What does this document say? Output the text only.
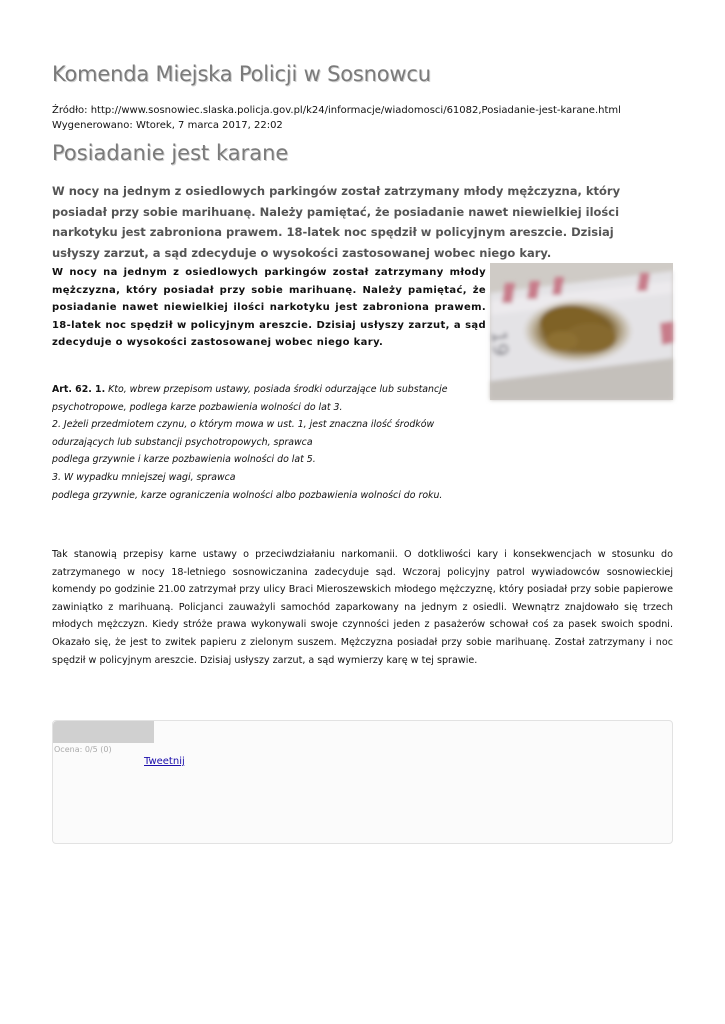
Komenda Miejska Policji w Sosnowcu
Źródło: http://www.sosnowiec.slaska.policja.gov.pl/k24/informacje/wiadomosci/61082,Posiadanie-jest-karane.html
Wygenerowano: Wtorek, 7 marca 2017, 22:02
Posiadanie jest karane
W nocy na jednym z osiedlowych parkingów został zatrzymany młody mężczyzna, który posiadał przy sobie marihuanę. Należy pamiętać, że posiadanie nawet niewielkiej ilości narkotyku jest zabroniona prawem. 18-latek noc spędził w policyjnym areszcie. Dzisiaj usłyszy zarzut, a sąd zdecyduje o wysokości zastosowanej wobec niego kary.
W nocy na jednym z osiedlowych parkingów został zatrzymany młody mężczyzna, który posiadał przy sobie marihuanę. Należy pamiętać, że posiadanie nawet niewielkiej ilości narkotyku jest zabroniona prawem. 18-latek noc spędził w policyjnym areszcie. Dzisiaj usłyszy zarzut, a sąd zdecyduje o wysokości zastosowanej wobec niego kary.	19
Art. 62. 1. Kto, wbrew przepisom ustawy, posiada środki odurzające lub substancje
psychotropowe, podlega karze pozbawienia wolności do lat 3.
2. Jeżeli przedmiotem czynu, o którym mowa w ust. 1, jest znaczna ilość środków
odurzających lub substancji psychotropowych, sprawca
podlega grzywnie i karze pozbawienia wolności do lat 5.
3. W wypadku mniejszej wagi, sprawca
podlega grzywnie, karze ograniczenia wolności albo pozbawienia wolności do roku.
Tak stanowią przepisy karne ustawy o przeciwdziałaniu narkomanii. O dotkliwości kary i konsekwencjach w stosunku do zatrzymanego w nocy 18-letniego sosnowiczanina zadecyduje sąd. Wczoraj policyjny patrol wywiadowców sosnowieckiej komendy po godzinie 21.00 zatrzymał przy ulicy Braci Mieroszewskich młodego mężczyznę, który posiadał przy sobie papierowe zawiniątko z marihuaną. Policjanci zauważyli samochód zaparkowany na jednym z osiedli. Wewnątrz znajdowało się trzech młodych mężczyzn. Kiedy stróże prawa wykonywali swoje czynności jeden z pasażerów schował coś za pasek swoich spodni. Okazało się, że jest to zwitek papieru z zielonym suszem. Mężczyzna posiadał przy sobie marihuanę. Został zatrzymany i noc spędził w policyjnym areszcie. Dzisiaj usłyszy zarzut, a sąd wymierzy karę w tej sprawie.
Ocena: 0/5 (0)
Tweetnij
